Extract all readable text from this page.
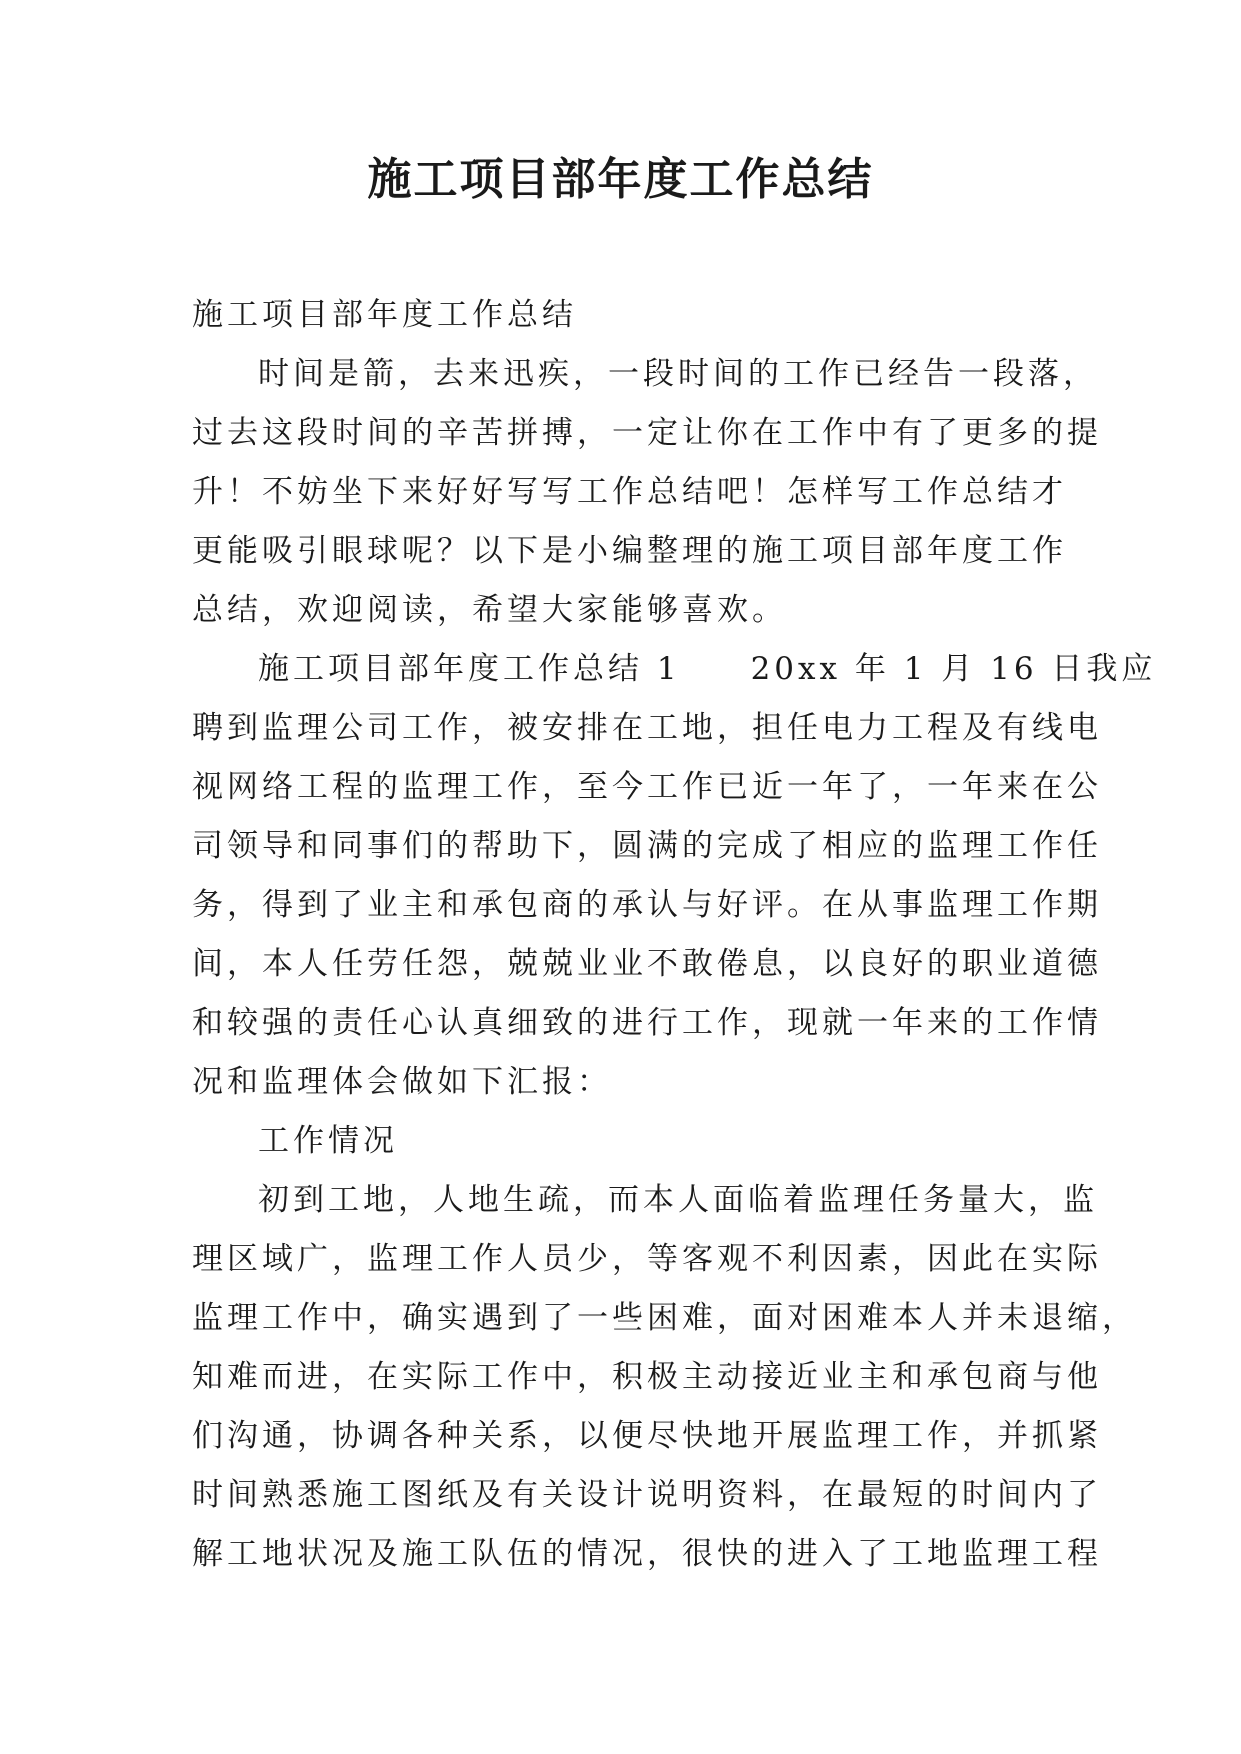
施工项目部年度工作总结
施工项目部年度工作总结
时间是箭，去来迅疾，一段时间的工作已经告一段落，
过去这段时间的辛苦拼搏，一定让你在工作中有了更多的提
升！不妨坐下来好好写写工作总结吧！怎样写工作总结才
更能吸引眼球呢？以下是小编整理的施工项目部年度工作
总结，欢迎阅读，希望大家能够喜欢。
施工项目部年度工作总结 1　　20xx 年 1 月 16 日我应
聘到监理公司工作，被安排在工地，担任电力工程及有线电
视网络工程的监理工作，至今工作已近一年了，一年来在公
司领导和同事们的帮助下，圆满的完成了相应的监理工作任
务，得到了业主和承包商的承认与好评。在从事监理工作期
间，本人任劳任怨，兢兢业业不敢倦息，以良好的职业道德
和较强的责任心认真细致的进行工作，现就一年来的工作情
况和监理体会做如下汇报：
工作情况
初到工地，人地生疏，而本人面临着监理任务量大，监
理区域广，监理工作人员少，等客观不利因素，因此在实际
监理工作中，确实遇到了一些困难，面对困难本人并未退缩，
知难而进，在实际工作中，积极主动接近业主和承包商与他
们沟通，协调各种关系，以便尽快地开展监理工作，并抓紧
时间熟悉施工图纸及有关设计说明资料，在最短的时间内了
解工地状况及施工队伍的情况，很快的进入了工地监理工程
